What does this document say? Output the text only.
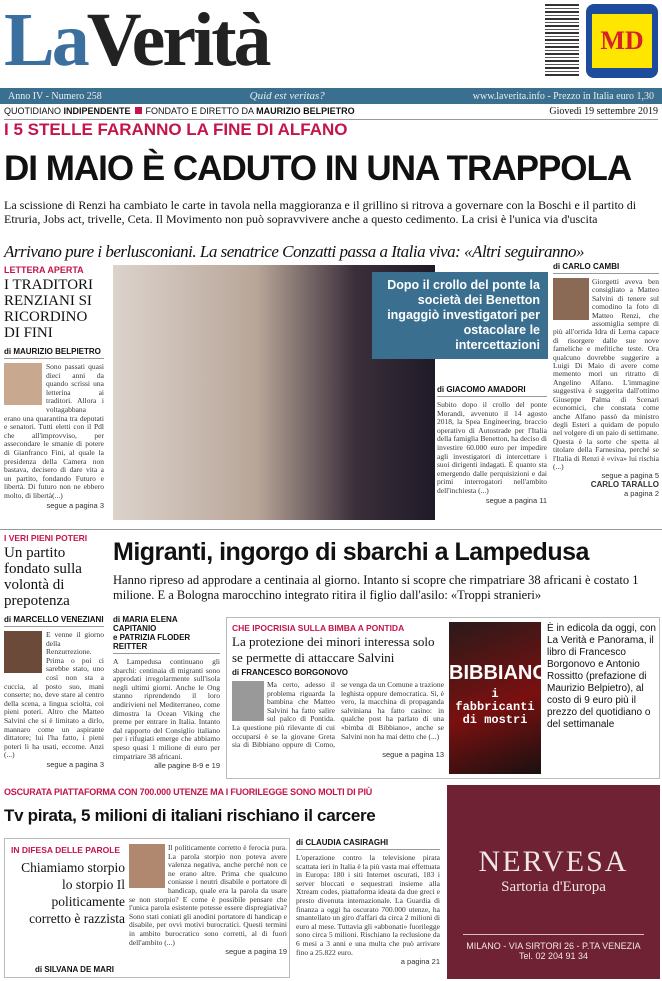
LaVerità	MD
Anno IV - Numero 258	Quid est veritas?	www.laverita.info - Prezzo in Italia euro 1,30
QUOTIDIANO INDIPENDENTE FONDATO E DIRETTO DA MAURIZIO BELPIETRO	Giovedì 19 settembre 2019
I 5 STELLE FARANNO LA FINE DI ALFANO
DI MAIO È CADUTO IN UNA TRAPPOLA
La scissione di Renzi ha cambiato le carte in tavola nella maggioranza e il grillino si ritrova a governare con la Boschi e il partito di Etruria, Jobs act, trivelle, Ceta. Il Movimento non può sopravvivere anche a questo cedimento. La crisi è l'unica via d'uscita
Arrivano pure i berlusconiani. La senatrice Conzatti passa a Italia viva: «Altri seguiranno»
LETTERA APERTA
I TRADITORI RENZIANI SI RICORDINO DI FINI
di MAURIZIO BELPIETRO
Sono passati quasi dieci anni da quando scrissi una letterina ai traditori. Allora i voltagabbana erano una quarantina tra deputati e senatori. Tutti eletti con il Pdl che all'improvviso, per assecondare le smanie di potere di Gianfranco Fini, al quale la presidenza della Camera non bastava, decisero di dare vita a un partito, fondando Futuro e libertà. Di futuro non ne ebbero molto, di libertà(...)
segue a pagina 3
Dopo il crollo del ponte la società dei Benetton ingaggiò investigatori per ostacolare le intercettazioni
di GIACOMO AMADORI
Subito dopo il crollo del ponte Morandi, avvenuto il 14 agosto 2018, la Spea Engineering, braccio operativo di Autostrade per l'Italia della famiglia Benetton, ha deciso di investire 60.000 euro per impedire agli investigatori di intercettare i suoi dirigenti indagati. È quanto sta emergendo dalle perquisizioni e dai primi interrogatori nell'ambito dell'inchiesta (...)
segue a pagina 11
di CARLO CAMBI
Giorgetti aveva ben consigliato a Matteo Salvini di tenere sul comodino la foto di Matteo Renzi, che assomiglia sempre di più all'orrida Idra di Lerna capace di risorgere dalle sue nove fameliche e mefitiche teste. Ora qualcuno dovrebbe suggerire a Luigi Di Maio di avere come memento mori un ritratto di Angelino Alfano. L'immagine suggestiva è suggerita dall'ottimo Giuseppe Palma di Scenari economici, che constata come anche Alfano passò da ministro degli Esteri a quidam de populo nel volgere di un paio di settimane. Questa è la sorte che spetta al titolare della Farnesina, perché se l'Italia di Renzi è «viva» lui rischia (...)
segue a pagina 5
CARLO TARALLO
a pagina 2
I VERI PIENI POTERI
Un partito fondato sulla volontà di prepotenza
di MARCELLO VENEZIANI
E venne il giorno della Renzurrezione. Prima o poi ci sarebbe stato, uno così non sta a cuccia, al posto suo, mani conserte; no, deve stare al centro della scena, a lingua sciolta, coi pieni poteri. Altro che Matteo Salvini che si è limitato a dirlo, mannaro come un aspirante dittatore; lui l'ha fatto, i pieni poteri li ha usati, eccome. Anzi (...)
segue a pagina 3
Migranti, ingorgo di sbarchi a Lampedusa
Hanno ripreso ad approdare a centinaia al giorno. Intanto si scopre che rimpatriare 38 africani è costato 1 milione. E a Bologna marocchino integrato ritira il figlio dall'asilo: «Troppi stranieri»
di MARIA ELENA CAPITANIO
e PATRIZIA FLODER REITTER
A Lampedusa continuano gli sbarchi: centinaia di migranti sono approdati irregolarmente sull'isola negli ultimi giorni. Anche le Ong stanno riprendendo il loro andirivieni nel Mediterraneo, come dimostra la Ocean Viking che preme per entrare in Italia. Intanto dal rapporto del Consiglio italiano per i rifugiati emerge che abbiamo speso quasi 1 milione di euro per rimpatriare 38 africani.
alle pagine 8-9 e 19
CHE IPOCRISIA SULLA BIMBA A PONTIDA
La protezione dei minori interessa solo se permette di attaccare Salvini
di FRANCESCO BORGONOVO
Ma certo, adesso il problema riguarda la bambina che Matteo Salvini ha fatto salire sul palco di Pontida. La questione più rilevante di cui occuparsi è se la giovane Greta sia di Bibbiano oppure di Como, se venga da un Comune a trazione leghista oppure democratica. Sì, è vero, la macchina di propaganda salviniana ha fatto casino: in qualche post ha parlato di una «bimba di Bibbiano», anche se Salvini non ha mai detto che (...)
segue a pagina 13
BIBBIANO
i fabbricanti di mostri
È in edicola da oggi, con La Verità e Panorama, il libro di Francesco Borgonovo e Antonio Rossitto (prefazione di Maurizio Belpietro), al costo di 9 euro più il prezzo del quotidiano o del settimanale
OSCURATA PIATTAFORMA CON 700.000 UTENZE MA I FUORILEGGE SONO MOLTI DI PIÙ
Tv pirata, 5 milioni di italiani rischiano il carcere
IN DIFESA DELLE PAROLE
Chiamiamo storpio lo storpio Il politicamente corretto è razzista
di SILVANA DE MARI
Il politicamente corretto è ferocia pura. La parola storpio non poteva avere valenza negativa, anche perché non ce ne erano altre. Prima che qualcuno coniasse i neutri disabile e portatore di handicap, quale era la parola da usare se non storpio? E come è possibile pensare che l'unica parola esistente potesse essere dispregiativa? Sono stati coniati gli anodini portatore di handicap e disabile, per ovvi motivi burocratici. Questi termini in ambito burocratico sono corretti, al di fuori dell'ambito (...)
segue a pagina 19
di CLAUDIA CASIRAGHI
L'operazione contro la televisione pirata scattata ieri in Italia è la più vasta mai effettuata in Europa: 180 i siti Internet oscurati, 183 i server bloccati e sequestrati insieme alla Xtream codes, piattaforma ideata da due greci e presto divenuta internazionale. La Guardia di finanza a oggi ha oscurato 700.000 utenze, ha smantellato un giro d'affari da circa 2 milioni di euro al mese. Tuttavia gli «abbonati» fuorilegge sono circa 5 milioni. Rischiano la reclusione da 6 mesi a 3 anni e una multa che può arrivare fino a 25.822 euro.
a pagina 21
NERVESA
Sartoria d'Europa
MILANO - VIA SIRTORI 26 - P.TA VENEZIA
Tel. 02 204 91 34
